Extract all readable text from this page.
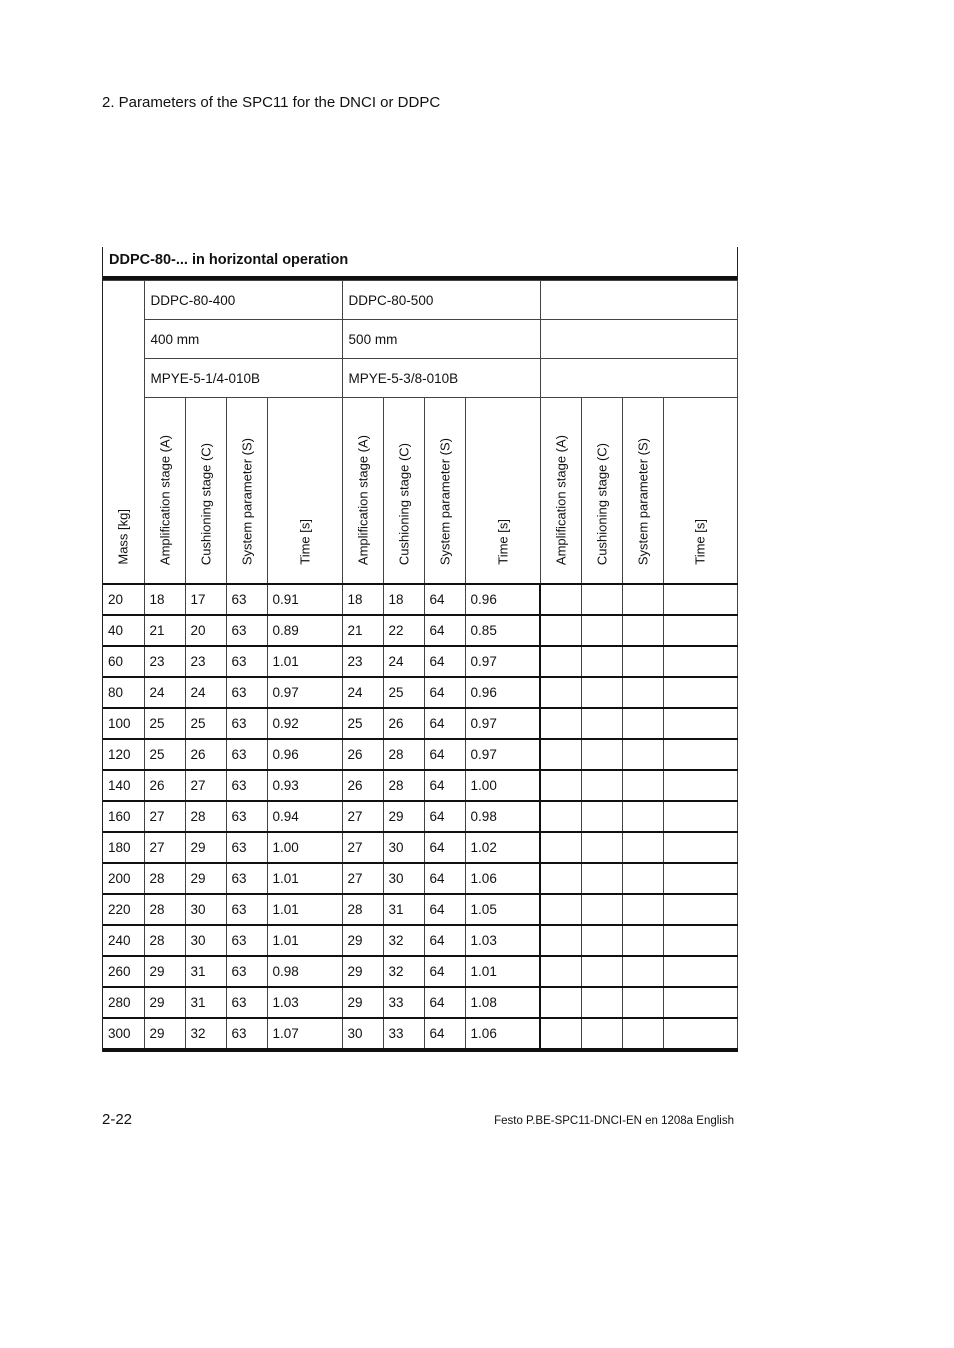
2. Parameters of the SPC11 for the DNCI or DDPC
DDPC-80-... in horizontal operation
	DDPC-80-400				DDPC-80-500							
	400 mm				500 mm							
	MPYE-5-1/4-010B				MPYE-5-3/8-010B							

Mass [kg]	Amplification stage (A)	Cushioning stage (C)	System parameter (S)	Time [s]	Amplification stage (A)	Cushioning stage (C)	System parameter (S)	Time [s]	Amplification stage (A)	Cushioning stage (C)	System parameter (S)	Time [s]

20	18	17	63	0.91	18	18	64	0.96				
40	21	20	63	0.89	21	22	64	0.85				
60	23	23	63	1.01	23	24	64	0.97				
80	24	24	63	0.97	24	25	64	0.96				
100	25	25	63	0.92	25	26	64	0.97				
120	25	26	63	0.96	26	28	64	0.97				
140	26	27	63	0.93	26	28	64	1.00				
160	27	28	63	0.94	27	29	64	0.98				
180	27	29	63	1.00	27	30	64	1.02				
200	28	29	63	1.01	27	30	64	1.06				
220	28	30	63	1.01	28	31	64	1.05				
240	28	30	63	1.01	29	32	64	1.03				
260	29	31	63	0.98	29	32	64	1.01				
280	29	31	63	1.03	29	33	64	1.08				
300	29	32	63	1.07	30	33	64	1.06				
2-22	Festo P.BE-SPC11-DNCI-EN en 1208a English
